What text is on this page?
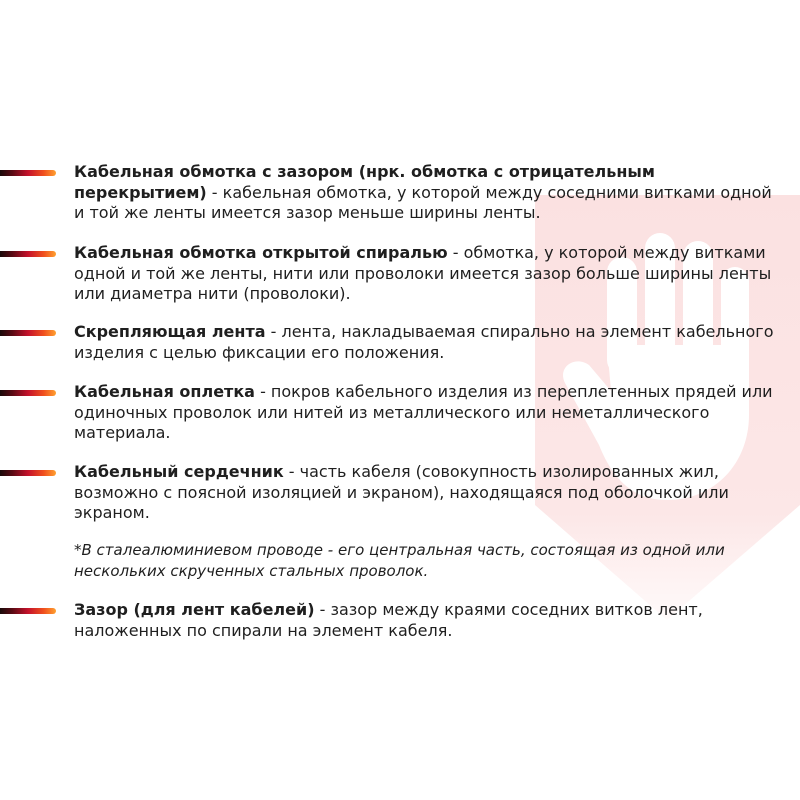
Кабельная обмотка с зазором (нрк. обмотка с отрицательным перекрытием) - кабельная обмотка, у которой между соседними витками одной и той же ленты имеется зазор меньше ширины ленты.
Кабельная обмотка открытой спиралью - обмотка, у которой между витками одной и той же ленты, нити или проволоки имеется зазор больше ширины ленты или диаметра нити (проволоки).
Скрепляющая лента - лента, накладываемая спирально на элемент кабельного изделия с целью фиксации его положения.
Кабельная оплетка - покров кабельного изделия из переплетенных прядей или одиночных проволок или нитей из металлического или неметаллического материала.
Кабельный сердечник - часть кабеля (совокупность изолированных жил, возможно с поясной изоляцией и экраном), находящаяся под оболочкой или экраном.
*В сталеалюминиевом проводе - его центральная часть, состоящая из одной или нескольких скрученных стальных проволок.
Зазор (для лент кабелей) - зазор между краями соседних витков лент, наложенных по спирали на элемент кабеля.
